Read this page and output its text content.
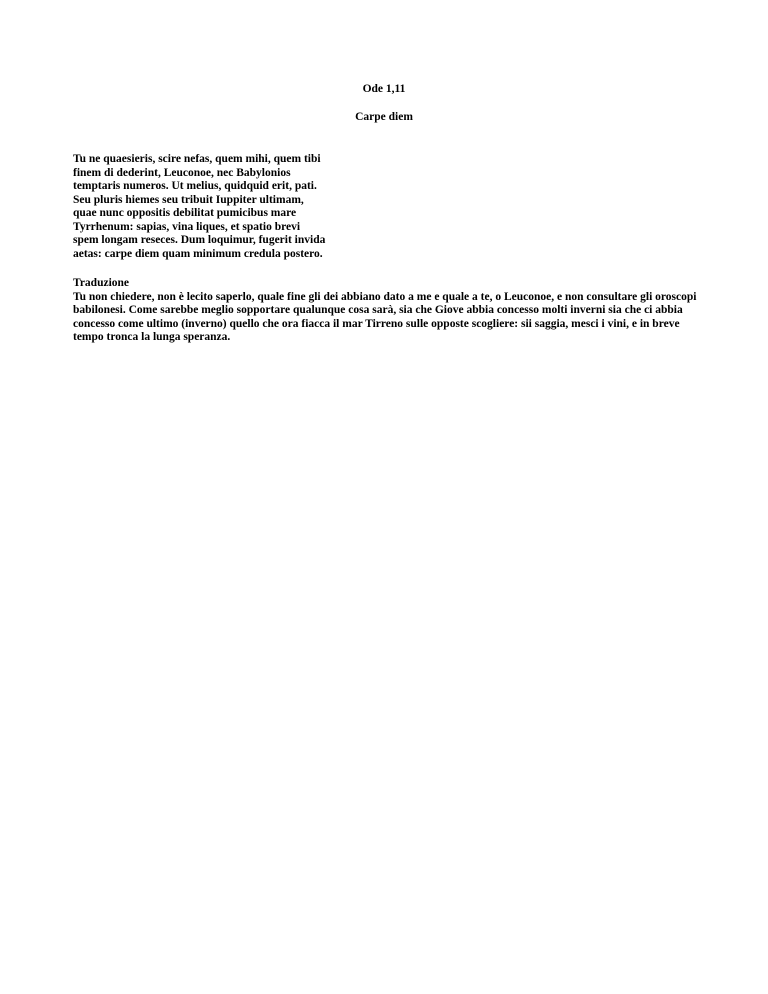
Ode 1,11

Carpe diem

Tu ne quaesieris, scire nefas, quem mihi, quem tibi
finem di dederint, Leuconoe, nec Babylonios
temptaris numeros. Ut melius, quidquid erit, pati.
Seu pluris hiemes seu tribuit Iuppiter ultimam,
quae nunc oppositis debilitat pumicibus mare
Tyrrhenum: sapias, vina liques, et spatio brevi
spem longam reseces. Dum loquimur, fugerit invida
aetas: carpe diem quam minimum credula postero.
Traduzione
Tu non chiedere, non è lecito saperlo, quale fine gli dei abbiano dato a me e quale a te, o Leuconoe, e non consultare gli oroscopi babilonesi. Come sarebbe meglio sopportare qualunque cosa sarà, sia che Giove abbia concesso molti inverni sia che ci abbia concesso come ultimo (inverno) quello che ora fiacca il mar Tirreno sulle opposte scogliere: sii saggia, mesci i vini, e in breve tempo tronca la lunga speranza.
